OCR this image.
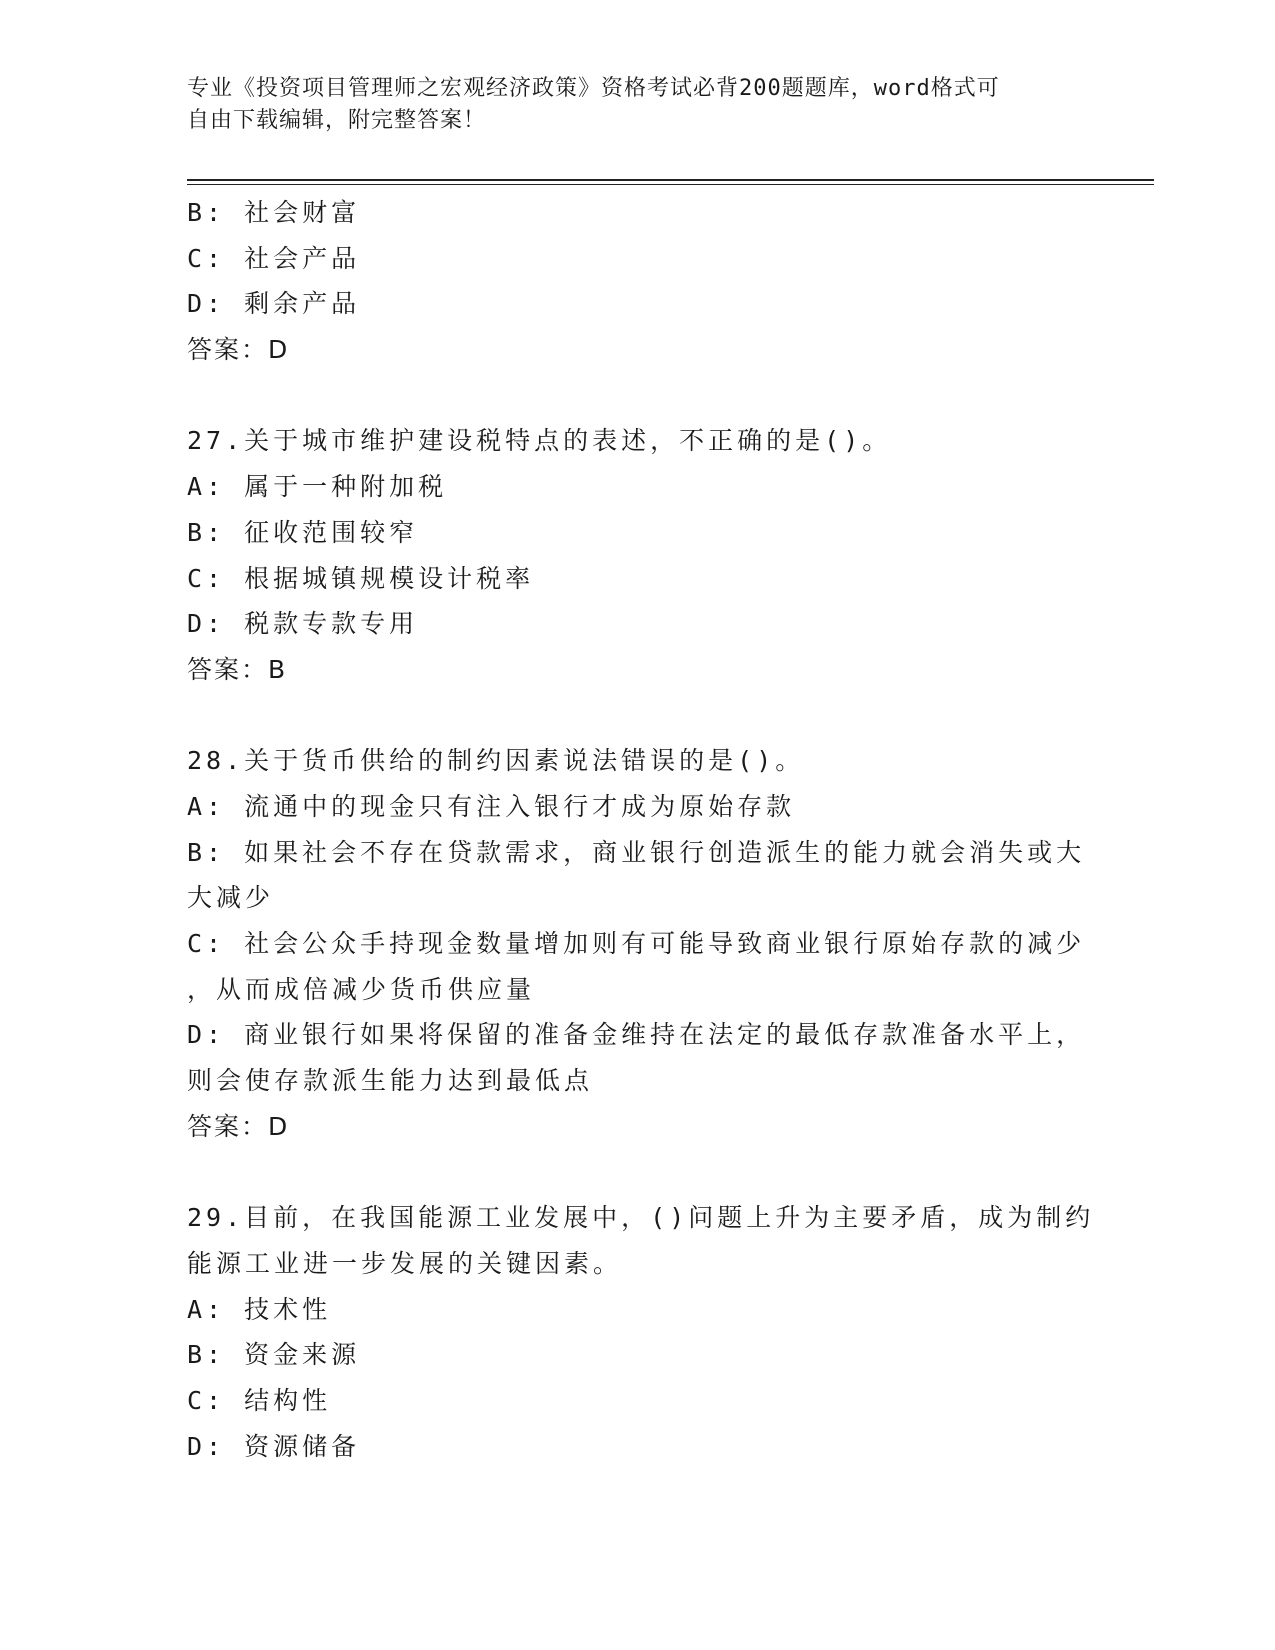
专业《投资项目管理师之宏观经济政策》资格考试必背200题题库，word格式可
自由下载编辑，附完整答案！
B: 社会财富
C: 社会产品
D: 剩余产品
答案：D
27.关于城市维护建设税特点的表述，不正确的是()。
A: 属于一种附加税
B: 征收范围较窄
C: 根据城镇规模设计税率
D: 税款专款专用
答案：B
28.关于货币供给的制约因素说法错误的是()。
A: 流通中的现金只有注入银行才成为原始存款
B: 如果社会不存在贷款需求，商业银行创造派生的能力就会消失或大
大减少
C: 社会公众手持现金数量增加则有可能导致商业银行原始存款的减少
，从而成倍减少货币供应量
D: 商业银行如果将保留的准备金维持在法定的最低存款准备水平上，
则会使存款派生能力达到最低点
答案：D
29.目前，在我国能源工业发展中，()问题上升为主要矛盾，成为制约
能源工业进一步发展的关键因素。
A: 技术性
B: 资金来源
C: 结构性
D: 资源储备
